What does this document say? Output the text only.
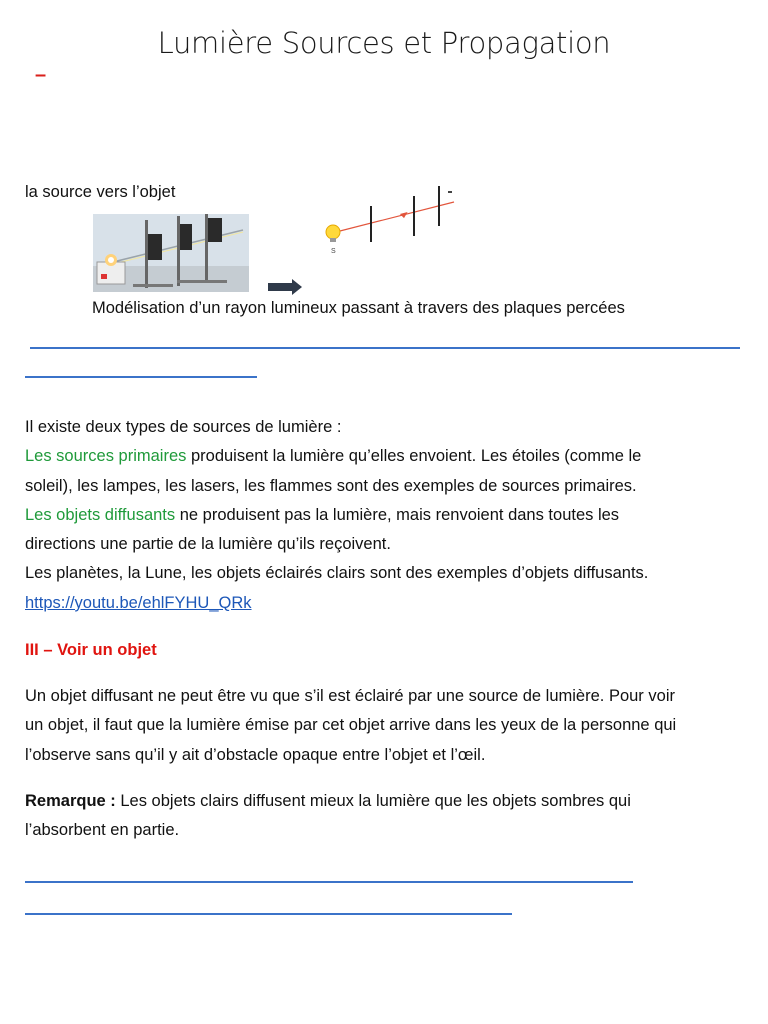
Lumière Sources et Propagation
–
la source vers l’objet
S
Modélisation d’un rayon lumineux passant à travers des plaques percées
Il existe deux types de sources de lumière :
Les sources primaires produisent la lumière qu’elles envoient. Les étoiles (comme le
soleil), les lampes, les lasers, les flammes sont des exemples de sources primaires.
Les objets diffusants ne produisent pas la lumière, mais renvoient dans toutes les
directions une partie de la lumière qu’ils reçoivent.
Les planètes, la Lune, les objets éclairés clairs sont des exemples d’objets diffusants.
https://youtu.be/ehlFYHU_QRk
III – Voir un objet
Un objet diffusant ne peut être vu que s’il est éclairé par une source de lumière. Pour voir
un objet, il faut que la lumière émise par cet objet arrive dans les yeux de la personne qui
l’observe sans qu’il y ait d’obstacle opaque entre l’objet et l’œil.
Remarque : Les objets clairs diffusent mieux la lumière que les objets sombres qui
l’absorbent en partie.
